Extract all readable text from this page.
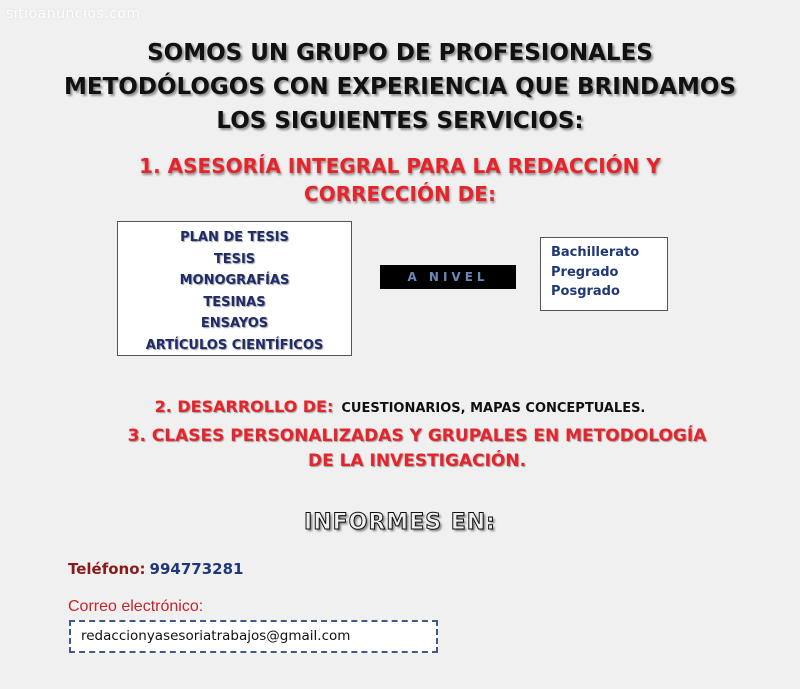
sitioanuncios.com
SOMOS UN GRUPO DE PROFESIONALES
METODÓLOGOS CON EXPERIENCIA QUE BRINDAMOS
LOS SIGUIENTES SERVICIOS:
1. ASESORÍA INTEGRAL PARA LA REDACCIÓN Y
CORRECCIÓN DE:
PLAN DE TESIS
TESIS
MONOGRAFÍAS
TESINAS
ENSAYOS
ARTÍCULOS CIENTÍFICOS
A NIVEL
Bachillerato
Pregrado
Posgrado
2. DESARROLLO DE: CUESTIONARIOS, MAPAS CONCEPTUALES.
3. CLASES PERSONALIZADAS Y GRUPALES EN METODOLOGÍA
DE LA INVESTIGACIÓN.
INFORMES EN:
Teléfono: 994773281
Correo electrónico:
redaccionyasesoriatrabajos@gmail.com
